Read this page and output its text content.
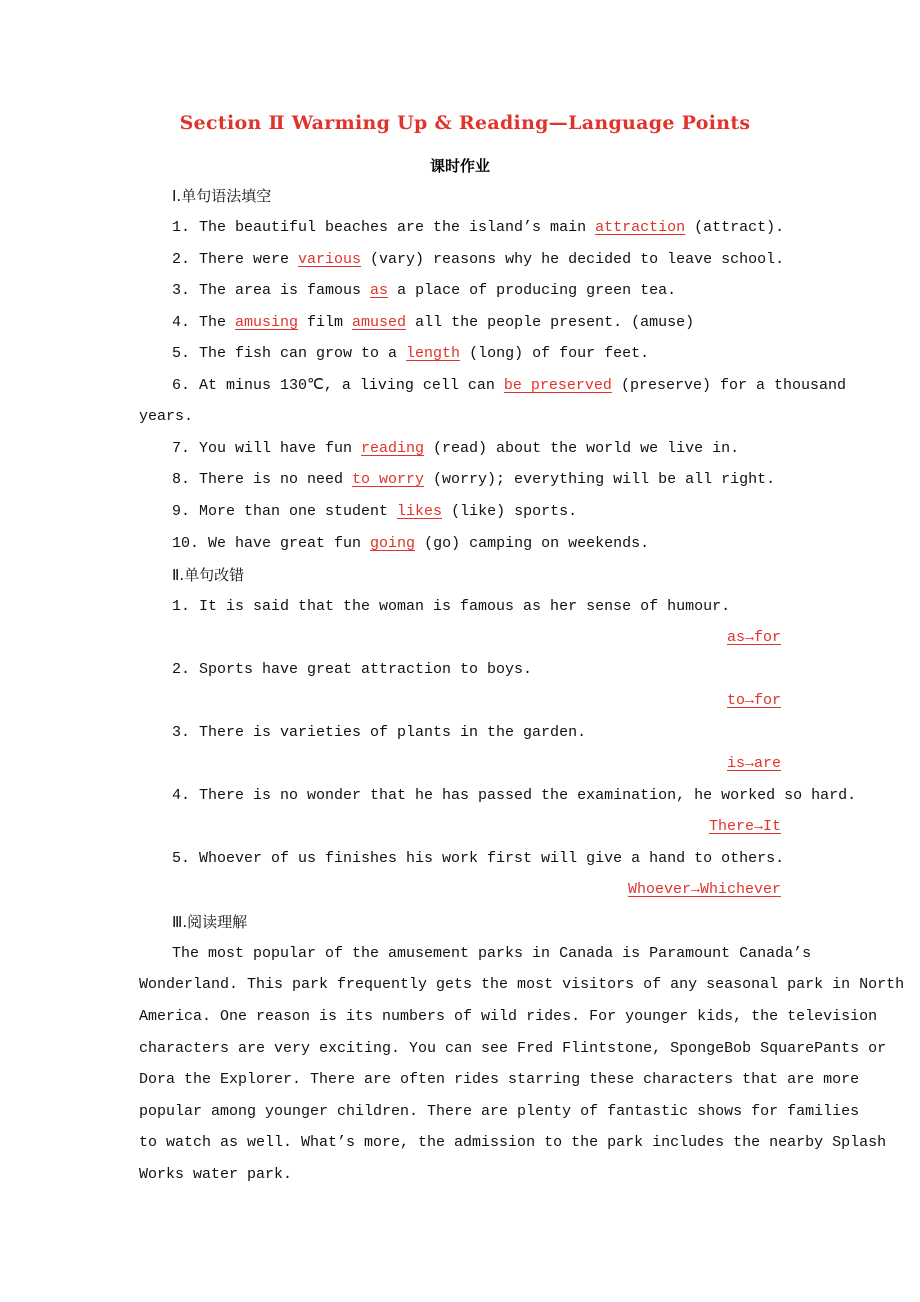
Section Ⅱ Warming Up & Reading—Language Points
课时作业
Ⅰ.单句语法填空
1. The beautiful beaches are the island’s main attraction (attract).
2. There were various (vary) reasons why he decided to leave school.
3. The area is famous as a place of producing green tea.
4. The amusing film amused all the people present. (amuse)
5. The fish can grow to a length (long) of four feet.
6. At minus 130℃, a living cell can be preserved (preserve) for a thousand
years.
7. You will have fun reading (read) about the world we live in.
8. There is no need to worry (worry); everything will be all right.
9. More than one student likes (like) sports.
10. We have great fun going (go) camping on weekends.
Ⅱ.单句改错
1. It is said that the woman is famous as her sense of humour.
as→for
2. Sports have great attraction to boys.
to→for
3. There is varieties of plants in the garden.
is→are
4. There is no wonder that he has passed the examination, he worked so hard.
There→It
5. Whoever of us finishes his work first will give a hand to others.
Whoever→Whichever
Ⅲ.阅读理解
The most popular of the amusement parks in Canada is Paramount Canada’s
Wonderland. This park frequently gets the most visitors of any seasonal park in North
America. One reason is its numbers of wild rides. For younger kids, the television
characters are very exciting. You can see Fred Flintstone, SpongeBob SquarePants or
Dora the Explorer. There are often rides starring these characters that are more
popular among younger children. There are plenty of fantastic shows for families
to watch as well. What’s more, the admission to the park includes the nearby Splash
Works water park.
